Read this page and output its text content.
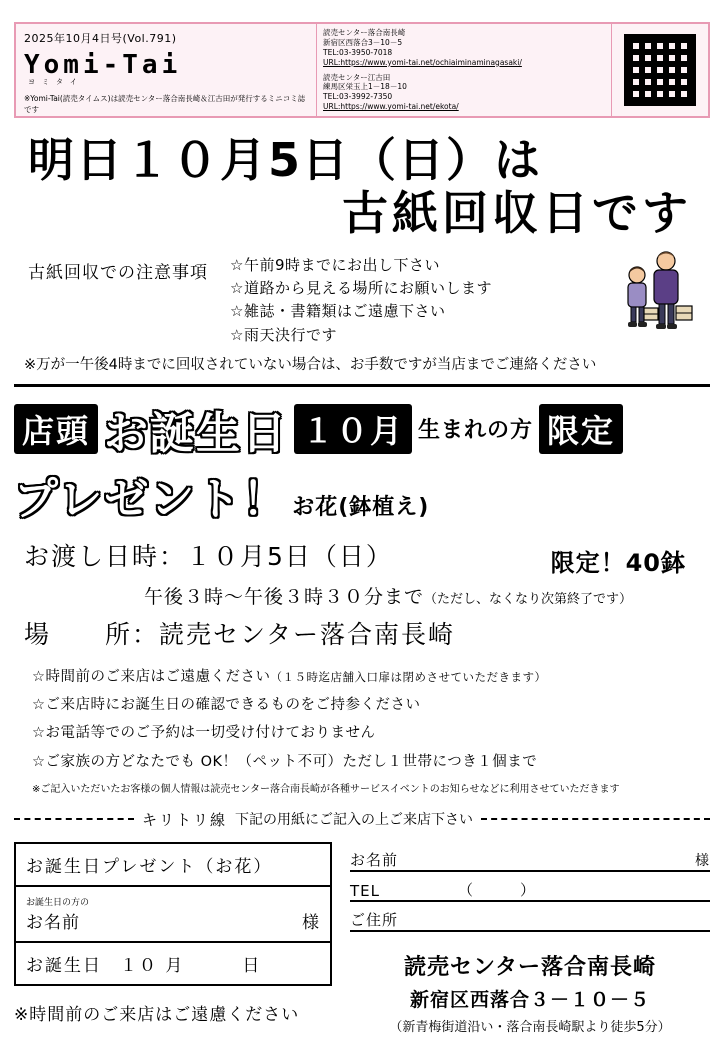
2025年10月4日号(Vol.791)
Yomi-Tai
ヨミタイ
※Yomi-Tai(読売タイムス)は読売センター落合南長崎＆江古田が発行するミニコミ誌です
読売センター落合南長崎
新宿区西落合3－10－5
TEL:03-3950-7018
URL:https://www.yomi-tai.net/ochiaiminaminagasaki/
読売センター江古田
練馬区栄玉上1－18－10
TEL:03-3992-7350
URL:https://www.yomi-tai.net/ekota/
明日１０月5日（日）は
古紙回収日です
古紙回収での注意事項 ☆午前9時までにお出し下さい
☆道路から見える場所にお願いします
☆雑誌・書籍類はご遠慮下さい
☆雨天決行です
※万が一午後4時までに回収されていない場合は、お手数ですが当店までご連絡ください
店頭 お誕生日 １０月 生まれの方 限定
プレゼント！ お花(鉢植え)
お渡し日時：１０月5日（日）	限定！40鉢
午後３時～午後３時３０分まで（ただし、なくなり次第終了です）
場　　所：読売センター落合南長崎
☆時間前のご来店はご遠慮ください（１５時迄店舗入口扉は閉めさせていただきます）
☆ご来店時にお誕生日の確認できるものをご持参ください
☆お電話等でのご予約は一切受け付けておりません
☆ご家族の方どなたでも OK！（ペット不可）ただし１世帯につき１個まで
※ご記入いただいたお客様の個人情報は読売センター落合南長崎が各種サービスイベントのお知らせなどに利用させていただきます
キリトリ線 下記の用紙にご記入の上ご来店下さい
お誕生日プレゼント（お花）
お誕生日の方の
お名前	様
お誕生日 １０ 月	日
※時間前のご来店はご遠慮ください
お名前	様
TEL	（	）
ご住所
読売センター落合南長崎
新宿区西落合３－１０－５
（新青梅街道沿い・落合南長崎駅より徒歩5分）
